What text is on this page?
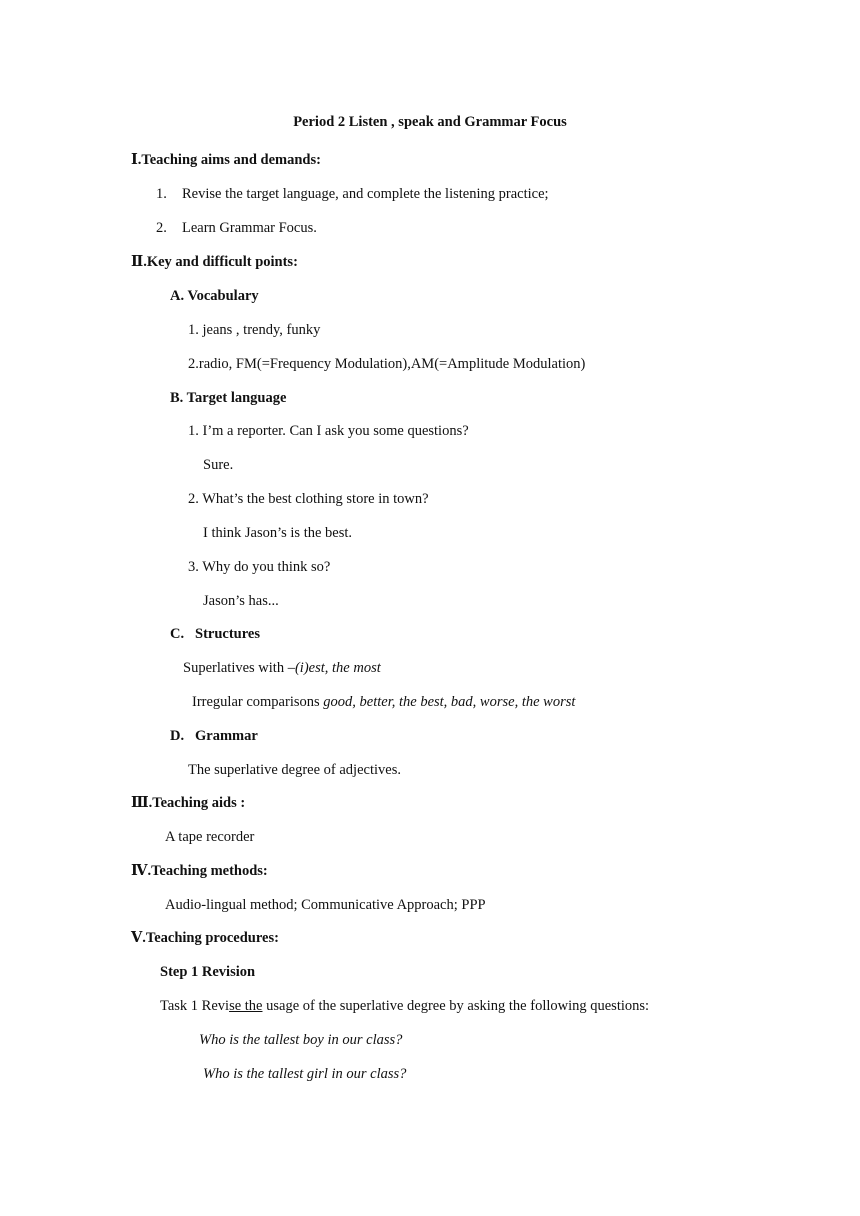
Period 2 Listen , speak and Grammar Focus
Ⅰ.Teaching aims and demands:
1. Revise the target language, and complete the listening practice;
2. Learn Grammar Focus.
Ⅱ.Key and difficult points:
A. Vocabulary
1. jeans , trendy, funky
2.radio, FM(=Frequency Modulation),AM(=Amplitude Modulation)
B. Target language
1. I’m a reporter. Can I ask you some questions?
Sure.
2. What’s the best clothing store in town?
I think Jason’s is the best.
3. Why do you think so?
Jason’s has...
C. Structures
Superlatives with –(i)est, the most
Irregular comparisons good, better, the best, bad, worse, the worst
D. Grammar
The superlative degree of adjectives.
Ⅲ.Teaching aids :
A tape recorder
Ⅳ.Teaching methods:
Audio-lingual method; Communicative Approach; PPP
Ⅴ.Teaching procedures:
Step 1 Revision
Task 1 Revise the usage of the superlative degree by asking the following questions:
Who is the tallest boy in our class?
Who is the tallest girl in our class?
